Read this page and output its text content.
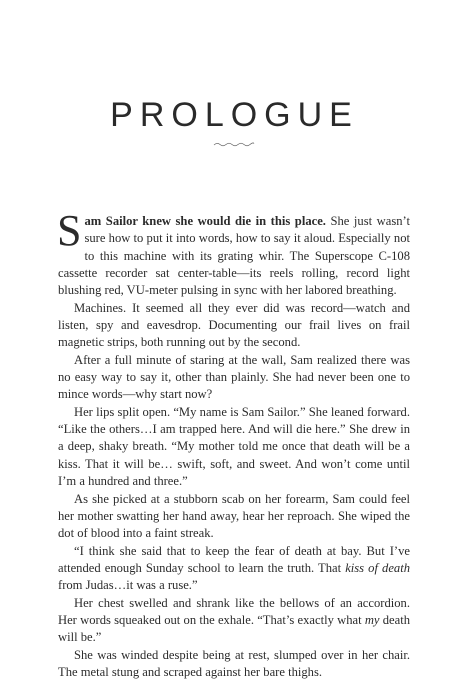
PROLOGUE

Sam Sailor knew she would die in this place. She just wasn’t sure how to put it into words, how to say it aloud. Especially not to this machine with its grating whir. The Superscope C-108 cassette recorder sat center-table—its reels rolling, record light blushing red, VU-meter pulsing in sync with her labored breathing.

Machines. It seemed all they ever did was record—watch and listen, spy and eavesdrop. Documenting our frail lives on frail magnetic strips, both running out by the second.

After a full minute of staring at the wall, Sam realized there was no easy way to say it, other than plainly. She had never been one to mince words—why start now?

Her lips split open. “My name is Sam Sailor.” She leaned forward. “Like the others…I am trapped here. And will die here.” She drew in a deep, shaky breath. “My mother told me once that death will be a kiss. That it will be… swift, soft, and sweet. And won’t come until I’m a hundred and three.”

As she picked at a stubborn scab on her forearm, Sam could feel her mother swatting her hand away, hear her reproach. She wiped the dot of blood into a faint streak.

“I think she said that to keep the fear of death at bay. But I’ve attended enough Sunday school to learn the truth. That kiss of death from Judas…it was a ruse.”

Her chest swelled and shrank like the bellows of an accordion. Her words squeaked out on the exhale. “That’s exactly what my death will be.”

She was winded despite being at rest, slumped over in her chair. The metal stung and scraped against her bare thighs.
